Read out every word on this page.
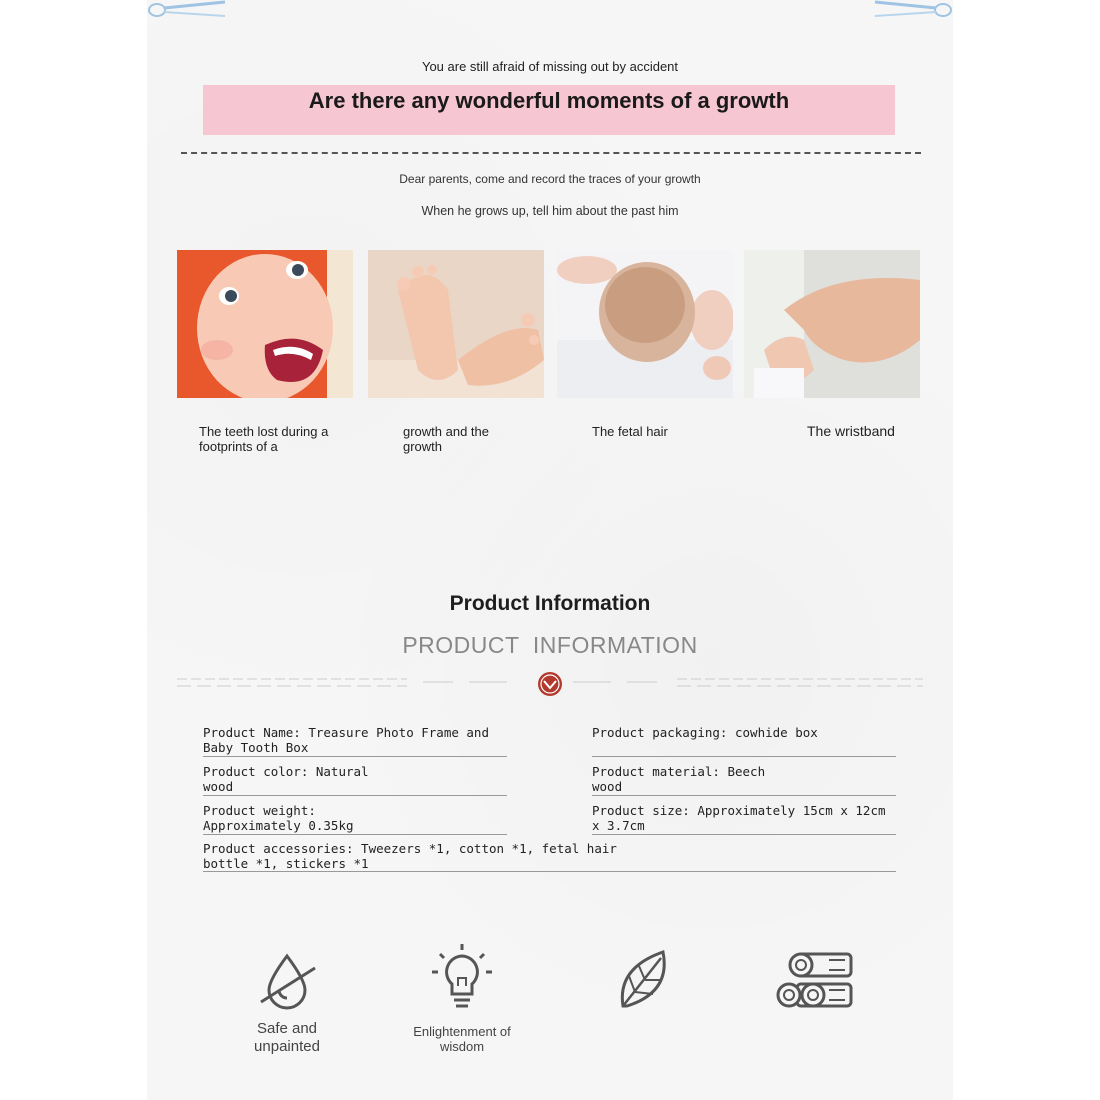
You are still afraid of missing out by accident
Are there any wonderful moments of a growth
Dear parents, come and record the traces of your growth
When he grows up, tell him about the past him
The teeth lost during a footprints of a
growth and the growth
The fetal hair	The wristband
Product Information
PRODUCT  INFORMATION
Product Name: Treasure Photo Frame and Baby Tooth Box
Product packaging: cowhide box
Product color: Natural wood
Product material: Beech wood
Product weight: Approximately 0.35kg
Product size: Approximately 15cm x 12cm x 3.7cm
Product accessories: Tweezers *1, cotton *1, fetal hair bottle *1, stickers *1
Safe and unpainted
Enlightenment of wisdom
